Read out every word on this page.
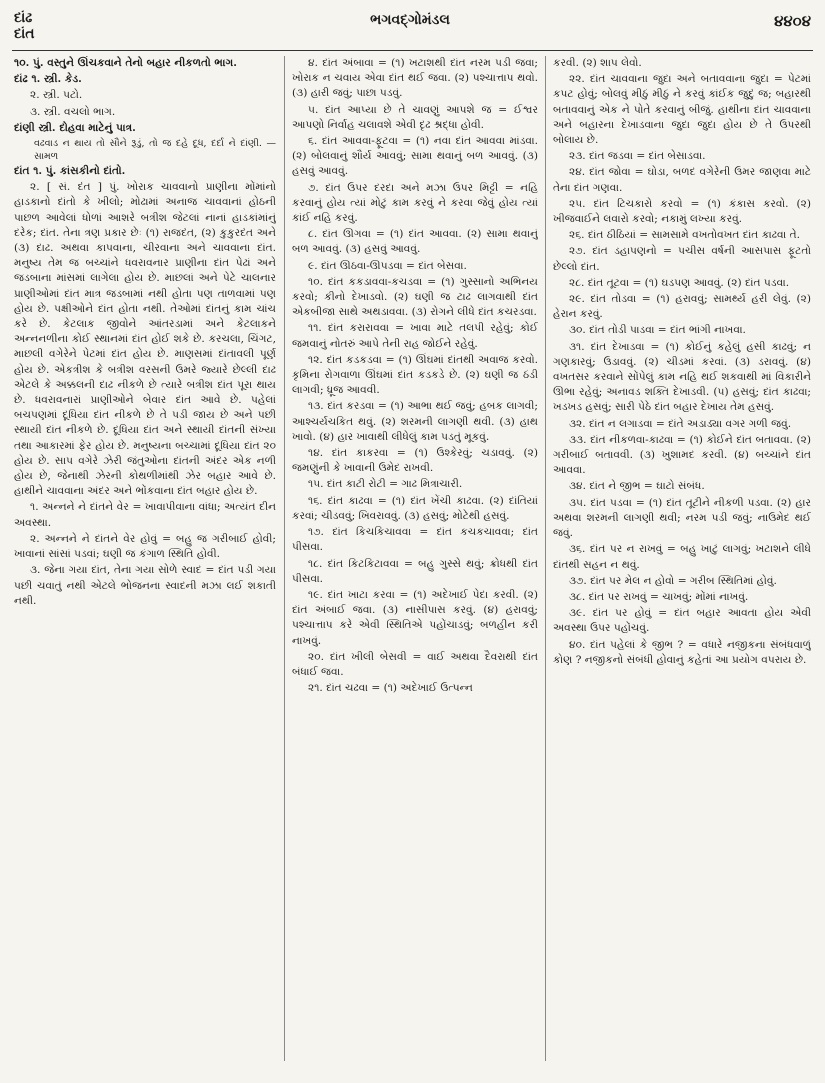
દાંઢ
દાંત
ભગવદ્ગોમંડલ	૪૪૦૪

૧૦. પું. વસ્તુને ઊંચકવાને તેનો બહાર નીકળતો ભાગ.

દાંઢ ૧. સ્ત્રી. કેડ.

૨. સ્ત્રી. પટો.

૩. સ્ત્રી. વચલો ભાગ.

દાંણી સ્ત્રી. દોહવા માટેનું પાત્ર.

વઢવાડ ન થાય તો સૌને રૂડું, તો જ દહે દૂધ, દર્દા ને દાંણી. — સામળ

દાંત ૧. પું. કાંસકીનો દાંતો.

૨. [ સં. દંત ] પું. ખોરાક ચાવવાનો પ્રાણીના મોંમાંનો હાડકાનો દાંતો કે ખીલો; મોઢામાં અનાજ ચાવવાનાં હોઠની પાછળ આવેલાં ધોળાં આશરે બત્રીશ જેટલાં નાનાં હાડકાંમાંનું દરેક; દાંત. તેના ત્રણ પ્રકાર છેઃ (૧) રાજદંત, (૨) કુકુરદંત અને (૩) દાઢ. અથવા કાપવાના, ચીરવાના અને ચાવવાના દાંત. મનુષ્ય તેમ જ બચ્ચાંને ધવરાવનાર પ્રાણીના દાંત પેઢાં અને જડબાના માંસમાં લાગેલા હોય છે. માછલાં અને પેટે ચાલનાર પ્રાણીઓમાં દાંત માત્ર જડબામાં નથી હોતા પણ તાળવામાં પણ હોય છે. પક્ષીઓને દાંત હોતા નથી. તેઓમાં દાંતનું કામ ચાંચ કરે છે. કેટલાક જીવોને આંતરડામાં અને કેટલાકને અન્નનળીના કોઈ સ્થાનમાં દાંત હોઈ શકે છે. કરચલા, ચિંગટ, માછલી વગેરેને પેટમાં દાંત હોય છે. માણસમાં દાંતાવલી પૂર્ણ હોય છે. એકત્રીશ કે બત્રીશ વરસની ઉમરે જ્યારે છેલ્લી દાઢ એટલે કે અક્કલની દાઢ નીકળે છે ત્યારે બત્રીશ દાંત પૂરા થાય છે. ધવરાવનારાં પ્રાણીઓને બેવાર દાંત આવે છે. પહેલાં બચપણમાં દૂધિયા દાંત નીકળે છે તે પડી જાય છે અને પછી સ્થાયી દાંત નીકળે છે. દૂધિયા દાંત અને સ્થાયી દાંતની સંખ્યા તથા આકારમાં ફેર હોય છે. મનુષ્યના બચ્ચામાં દૂધિયા દાંત ૨૦ હોય છે. સાપ વગેરે ઝેરી જંતુઓના દાંતની અંદર એક નળી હોય છે, જેનાથી ઝેરની કોથળીમાંથી ઝેર બહાર આવે છે. હાથીને ચાવવાના અંદર અને ભોંકવાના દાંત બહાર હોય છે.

૧. અન્નને ને દાંતને વેર = ખાવાપીવાના વાંધા; અત્યંત દીન અવસ્થા.

૨. અન્નને ને દાંતને વેર હોવું = બહુ જ ગરીબાઈ હોવી; ખાવાનાં સાંસાં પડવાં; ઘણી જ કંગાળ સ્થિતિ હોવી.

૩. જેના ગયા દાંત, તેના ગયા સોળે સ્વાદ = દાંત પડી ગયા પછી ચવાતું નથી એટલે ભોજનના સ્વાદની મઝા લઈ શકાતી નથી.

૪. દાંત અંબાવા = (૧) ખટાશથી દાંત નરમ પડી જવા; ખોરાક ન ચવાય એવા દાંત થઈ જવા. (૨) પશ્ચાત્તાપ થવો. (૩) હારી જવું; પાછા પડવું.

૫. દાંત આપ્યા છે તે ચાવણું આપશે જ = ઈશ્વર આપણો નિર્વાહ ચલાવશે એવી દૃઢ શ્રદ્ધા હોવી.

૬. દાંત આવવા-ફૂટવા = (૧) નવા દાંત આવવા માંડવા. (૨) બોલવાનું શૌર્ય આવવું; સામા થવાનું બળ આવવું. (૩) હસવું આવવું.

૭. દાંત ઉપર દરદા અને મઝા ઉપર મિટ્ટી = નહિ કરવાનું હોય ત્યાં મોટું કામ કરવું ને કરવા જેવું હોય ત્યાં કાંઈ નહિ કરવું.

૮. દાંત ઊગવા = (૧) દાંત આવવા. (૨) સામા થવાનું બળ આવવું. (૩) હસવું આવવું.

૯. દાંત ઊઠવા-ઊપડવા = દાંત બેસવા.

૧૦. દાંત કકડાવવા-કચડવા = (૧) ગુસ્સાનો અભિનય કરવો; કીનો દેખાડવો. (૨) ઘણી જ ટાઢ લાગવાથી દાંત એકબીજા સાથે અથડાવવા. (૩) રોગને લીધે દાંત કચરડવા.

૧૧. દાંત કરારાવવા = ખાવા માટે તલપી રહેવું; કોઈ જમવાનું નોતરું આપે તેની રાહ જોઈને રહેવું.

૧૨. દાંત કડકડવા = (૧) ઊંઘમાં દાંતથી અવાજ કરવો. કૃમિના રોગવાળા ઊંઘમાં દાંત કડકડે છે. (૨) ઘણી જ ઠંડી લાગવી; ધ્રૂજ આવવી.

૧૩. દાંત કરડવા = (૧) આભા થઈ જવું; હબક લાગવી; આશ્ચર્યચકિત થવું. (૨) શરમની લાગણી થવી. (૩) હાથ ખાવો. (૪) હાર ખાવાથી લીધેલું કામ પડતું મૂકવું.

૧૪. દાંત કાકરવા = (૧) ઉશ્કેરવું; ચડાવવું. (૨) જમણુંની કે ખાવાની ઉમેદ રાખવી.

૧૫. દાંત કાટી રોટી = ગાઢ મિત્રાચારી.

૧૬. દાંત કાઢવા = (૧) દાંત ખેંચી કાઢવા. (૨) દાંતિયાં કરવાં; ચીડવવું; ખિવરાવવું. (૩) હસવું; મોટેથી હસવું.

૧૭. દાંત કિચકિચાવવા = દાંત કચકચાવવા; દાંત પીસવા.

૧૮. દાંત કિટકિટાવવા = બહુ ગુસ્સે થવું; ક્રોધથી દાંત પીસવા.

૧૯. દાંત ખાટા કરવા = (૧) અદેખાઈ પેદા કરવી. (૨) દાંત અંબાઈ જવા. (૩) નાસીપાસ કરવું. (૪) હરાવવું; પશ્ચાત્તાપ કરે એવી સ્થિતિએ પહોંચાડવું; બળહીન કરી નાખવું.

૨૦. દાંત ખીલી બેસવી = વાઈ અથવા દૈવરાથી દાંત બંધાઈ જવા.

૨૧. દાંત ચઢવા = (૧) અદેખાઈ ઉત્પન્ન

કરવી. (૨) શાપ લેવો.

૨૨. દાંત ચાવવાના જુદા અને બતાવવાના જુદા = પેટમાં કપટ હોવું; બોલવું મીઠું મીઠું ને કરવું કાંઈક જુદું જ; બહારથી બતાવવાનું એક ને પોતે કરવાનું બીજું. હાથીના દાંત ચાવવાના અને બહારના દેખાડવાના જુદા જુદા હોય છે તે ઉપરથી બોલાય છે.

૨૩. દાંત જડવા = દાંત બેસાડવા.

૨૪. દાંત જોવા = ઘોડા, બળદ વગેરેની ઉમર જાણવા માટે તેના દાંત ગણવા.

૨૫. દાંત ટિચકારો કરવો = (૧) કંકાસ કરવો. (૨) ખીજવાઈને લવારો કરવો; નકામું લખ્યા કરવું.

૨૬. દાંત ઠીઠિયાં = સામસામે વખતોવખત દાંત કાઢવા તે.

૨૭. દાંત ડહાપણનો = પચીસ વર્ષની આસપાસ ફૂટતો છેલ્લો દાંત.

૨૮. દાંત તૂટવા = (૧) ઘડપણ આવવું. (૨) દાંત પડવા.

૨૯. દાંત તોડવા = (૧) હરાવવું; સામર્થ્ય હરી લેવું. (૨) હેરાન કરવું.

૩૦. દાંત તોડી પાડવા = દાંત ભાંગી નાખવા.

૩૧. દાંત દેખાડવા = (૧) કોઈનું કહેલું હસી કાઢવું; ન ગણકારવું; ઉડાવવું. (૨) ચીડમાં કરવાં. (૩) ડરાવવું. (૪) વખતસર કરવાને સોંપેલું કામ નહિ થઈ શકવાથી માં વિકારીને ઊભા રહેવું; અનાવડ શક્તિ દેખાડવી. (૫) હસવું; દાંત કાઢવા; ખડખડ હસવું; સારી પેઠે દાંત બહાર દેખાય તેમ હસવું.

૩૨. દાંત ન લગાડવા = દાંતે અડાડ્યા વગર ગળી જવું.

૩૩. દાંત નીકળવા-કાઢવા = (૧) કોઈને દાંત બતાવવા. (૨) ગરીબાઈ બતાવવી. (૩) ખુશામદ કરવી. (૪) બચ્ચાંને દાંત આવવા.

૩૪. દાંત ને જીભ = ઘાટો સંબંધ.

૩૫. દાંત પડવા = (૧) દાંત તૂટીને નીકળી પડવા. (૨) હાર અથવા શરમની લાગણી થવી; નરમ પડી જવું; નાઉમેદ થઈ જવું.

૩૬. દાંત પર ન રાખવું = બહુ ખાટું લાગવું; ખટાશને લીધે દાંતથી સહન ન થવું.

૩૭. દાંત પર મેલ ન હોવો = ગરીબ સ્થિતિમાં હોવું.

૩૮. દાંત પર રાખવું = ચાખવું; મોંમાં નાખવું.

૩૯. દાંત પર હોવું = દાંત બહાર આવતા હોય એવી અવસ્થા ઉપર પહોંચવું.

૪૦. દાંત પહેલાં કે જીભ ? = વધારે નજીકના સંબંધવાળું કોણ ? નજીકનો સંબંધી હોવાનું કહેતાં આ પ્રયોગ વપરાય છે.
